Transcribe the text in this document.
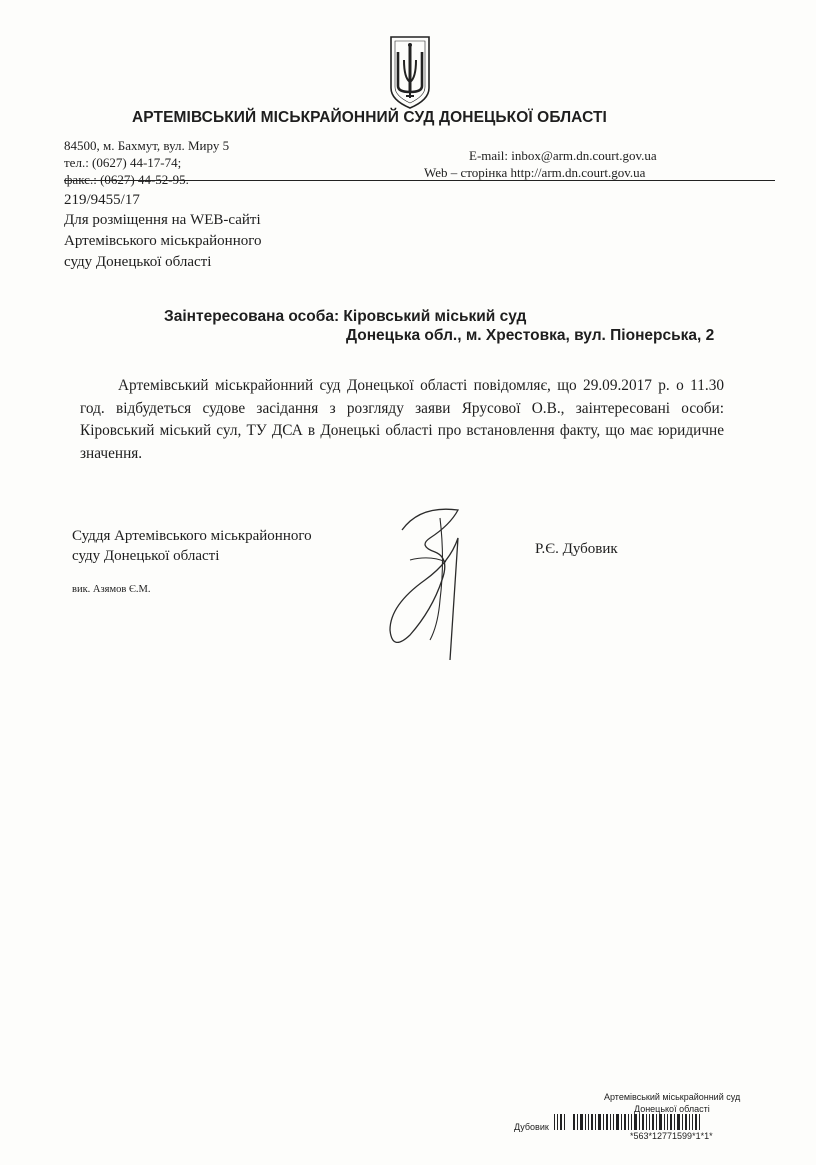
АРТЕМІВСЬКИЙ МІСЬКРАЙОННИЙ СУД ДОНЕЦЬКОЇ ОБЛАСТІ
84500, м. Бахмут, вул. Миру 5
тел.: (0627) 44-17-74;
факс.: (0627) 44-52-95.
E-mail: inbox@arm.dn.court.gov.ua
Web – сторінка http://arm.dn.court.gov.ua
219/9455/17
Для розміщення на WEB-сайті
Артемівського міськрайонного
суду Донецької області
Заінтересована особа: Кіровський міський суд
Донецька обл., м. Хрестовка, вул. Піонерська, 2
Артемівський міськрайонний суд Донецької області повідомляє, що 29.09.2017 р. о 11.30 год. відбудеться судове засідання з розгляду заяви Ярусової О.В., заінтересовані особи: Кіровський міський сул, ТУ ДСА в Донецькі області про встановлення факту, що має юридичне значення.
Суддя Артемівського міськрайонного
суду Донецької області	Р.Є. Дубовик
вик. Азямов Є.М.
Артемівський міськрайонний суд
Донецької області
Дубовик
*563*12771599*1*1*
